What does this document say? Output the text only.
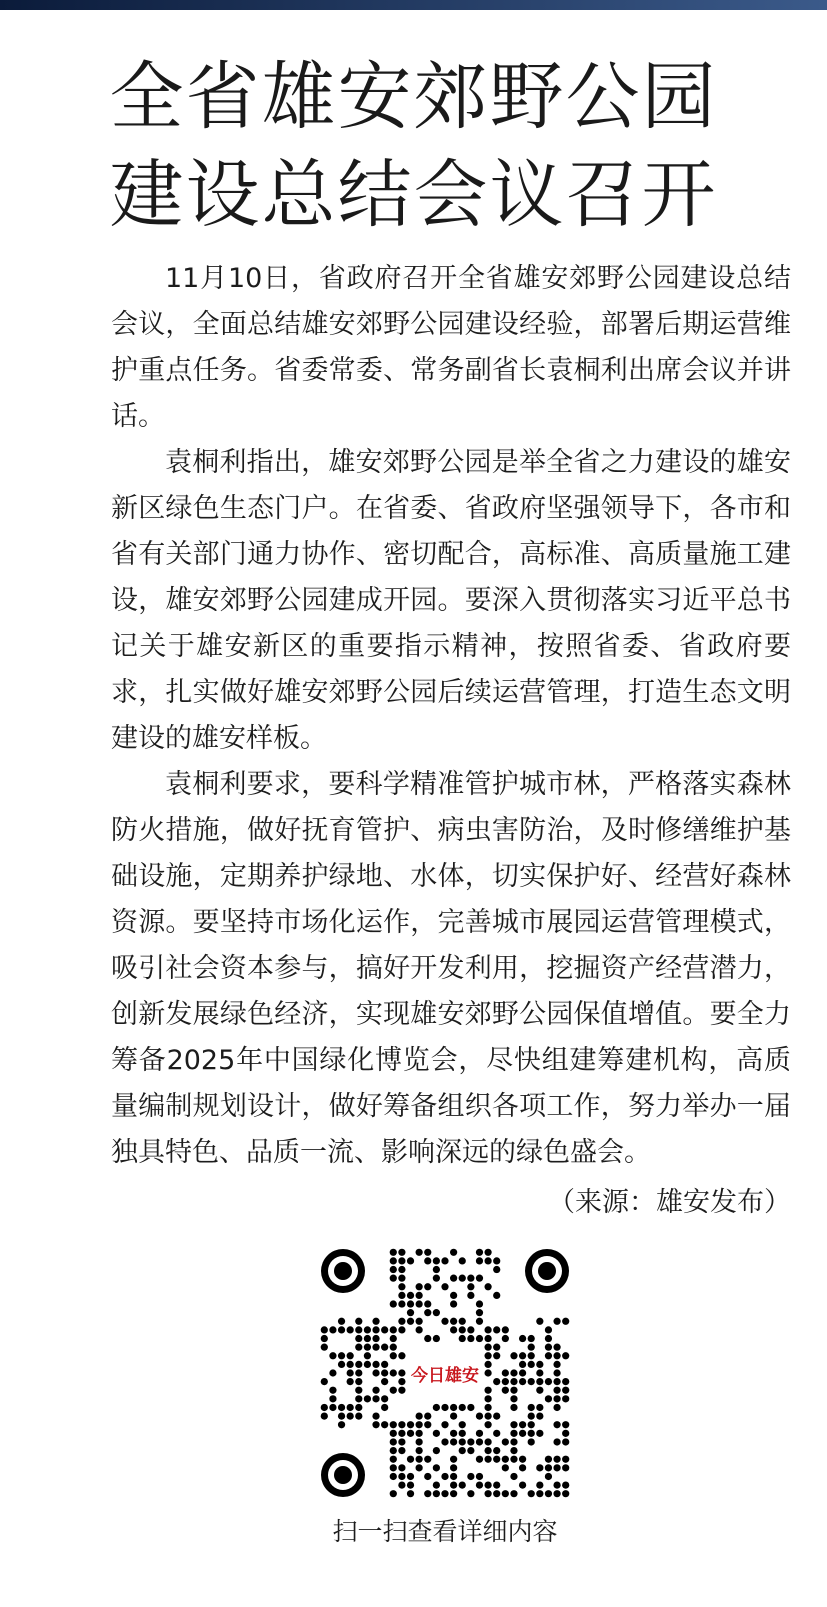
全省雄安郊野公园
建设总结会议召开

11月10日，省政府召开全省雄安郊野公园建设总结会议，全面总结雄安郊野公园建设经验，部署后期运营维护重点任务。省委常委、常务副省长袁桐利出席会议并讲话。

袁桐利指出，雄安郊野公园是举全省之力建设的雄安新区绿色生态门户。在省委、省政府坚强领导下，各市和省有关部门通力协作、密切配合，高标准、高质量施工建设，雄安郊野公园建成开园。要深入贯彻落实习近平总书记关于雄安新区的重要指示精神，按照省委、省政府要求，扎实做好雄安郊野公园后续运营管理，打造生态文明建设的雄安样板。

袁桐利要求，要科学精准管护城市林，严格落实森林防火措施，做好抚育管护、病虫害防治，及时修缮维护基础设施，定期养护绿地、水体，切实保护好、经营好森林资源。要坚持市场化运作，完善城市展园运营管理模式，吸引社会资本参与，搞好开发利用，挖掘资产经营潜力，创新发展绿色经济，实现雄安郊野公园保值增值。要全力筹备2025年中国绿化博览会，尽快组建筹建机构，高质量编制规划设计，做好筹备组织各项工作，努力举办一届独具特色、品质一流、影响深远的绿色盛会。

（来源：雄安发布）

今日雄安
扫一扫查看详细内容
